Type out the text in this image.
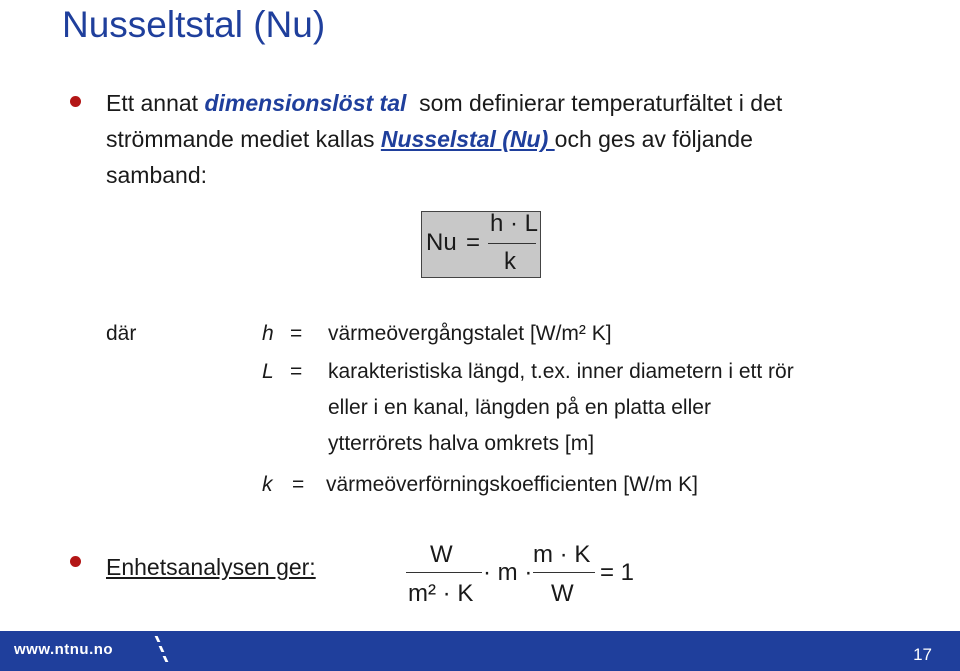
Nusseltstal (Nu)
Ett annat dimensionslöst tal  som definierar temperaturfältet i det
strömmande mediet kallas Nusselstal (Nu) och ges av följande
samband:
Nu =
h · L
k
där	h = värmeövergångstalet [W/m² K]
L = karakteristiska längd, t.ex. inner diametern i ett rör
eller i en kanal, längden på en platta eller
ytterrörets halva omkrets [m]
k = värmeöverförningskoefficienten [W/m K]
Enhetsanalysen ger:	W
m² · K
· m ·
m · K
W
= 1
www.ntnu.no	17
